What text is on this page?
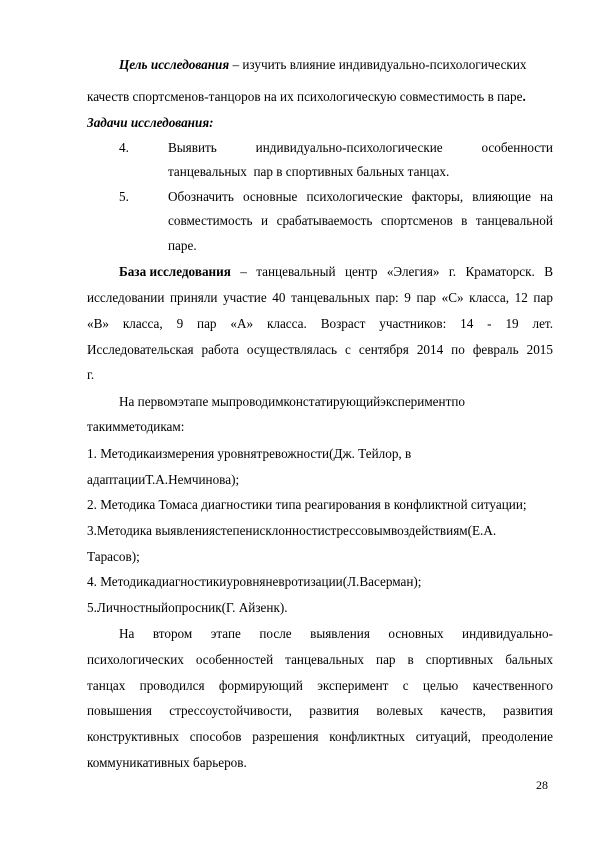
Цель исследования – изучить влияние индивидуально-психологических
качеств спортсменов-танцоров на их психологическую совместимость в паре.
Задачи исследования:
4.	Выявить	индивидуально-психологические	особенности
танцевальных  пар в спортивных бальных танцах.
5.	Обозначить основные психологические факторы, влияющие на
совместимость и срабатываемость спортсменов в танцевальной
паре.
База исследования – танцевальный центр «Элегия» г. Краматорск. В
исследовании приняли участие 40 танцевальных пар: 9 пар «С» класса, 12 пар
«В» класса, 9 пар «А» класса. Возраст участников: 14 - 19 лет.
Исследовательская работа осуществлялась с сентября 2014 по февраль 2015
г.
На первомэтапе мыпроводимконстатирующийэкспериментпо
такимметодикам:
1. Методикаизмерения уровнятревожности(Дж. Тейлор, в
адаптацииТ.А.Немчинова);
2. Методика Томаса диагностики типа реагирования в конфликтной ситуации;
3.Методика выявлениястепенисклонностистрессовымвоздействиям(Е.А.
Тарасов);
4. Методикадиагностикиуровняневротизации(Л.Васерман);
5.Личностныйопросник(Г. Айзенк).
На втором этапе после выявления основных индивидуально-
психологических особенностей танцевальных пар в спортивных бальных
танцах проводился формирующий эксперимент с целью качественного
повышения стрессоустойчивости, развития волевых качеств, развития
конструктивных способов разрешения конфликтных ситуаций, преодоление
коммуникативных барьеров.
28
